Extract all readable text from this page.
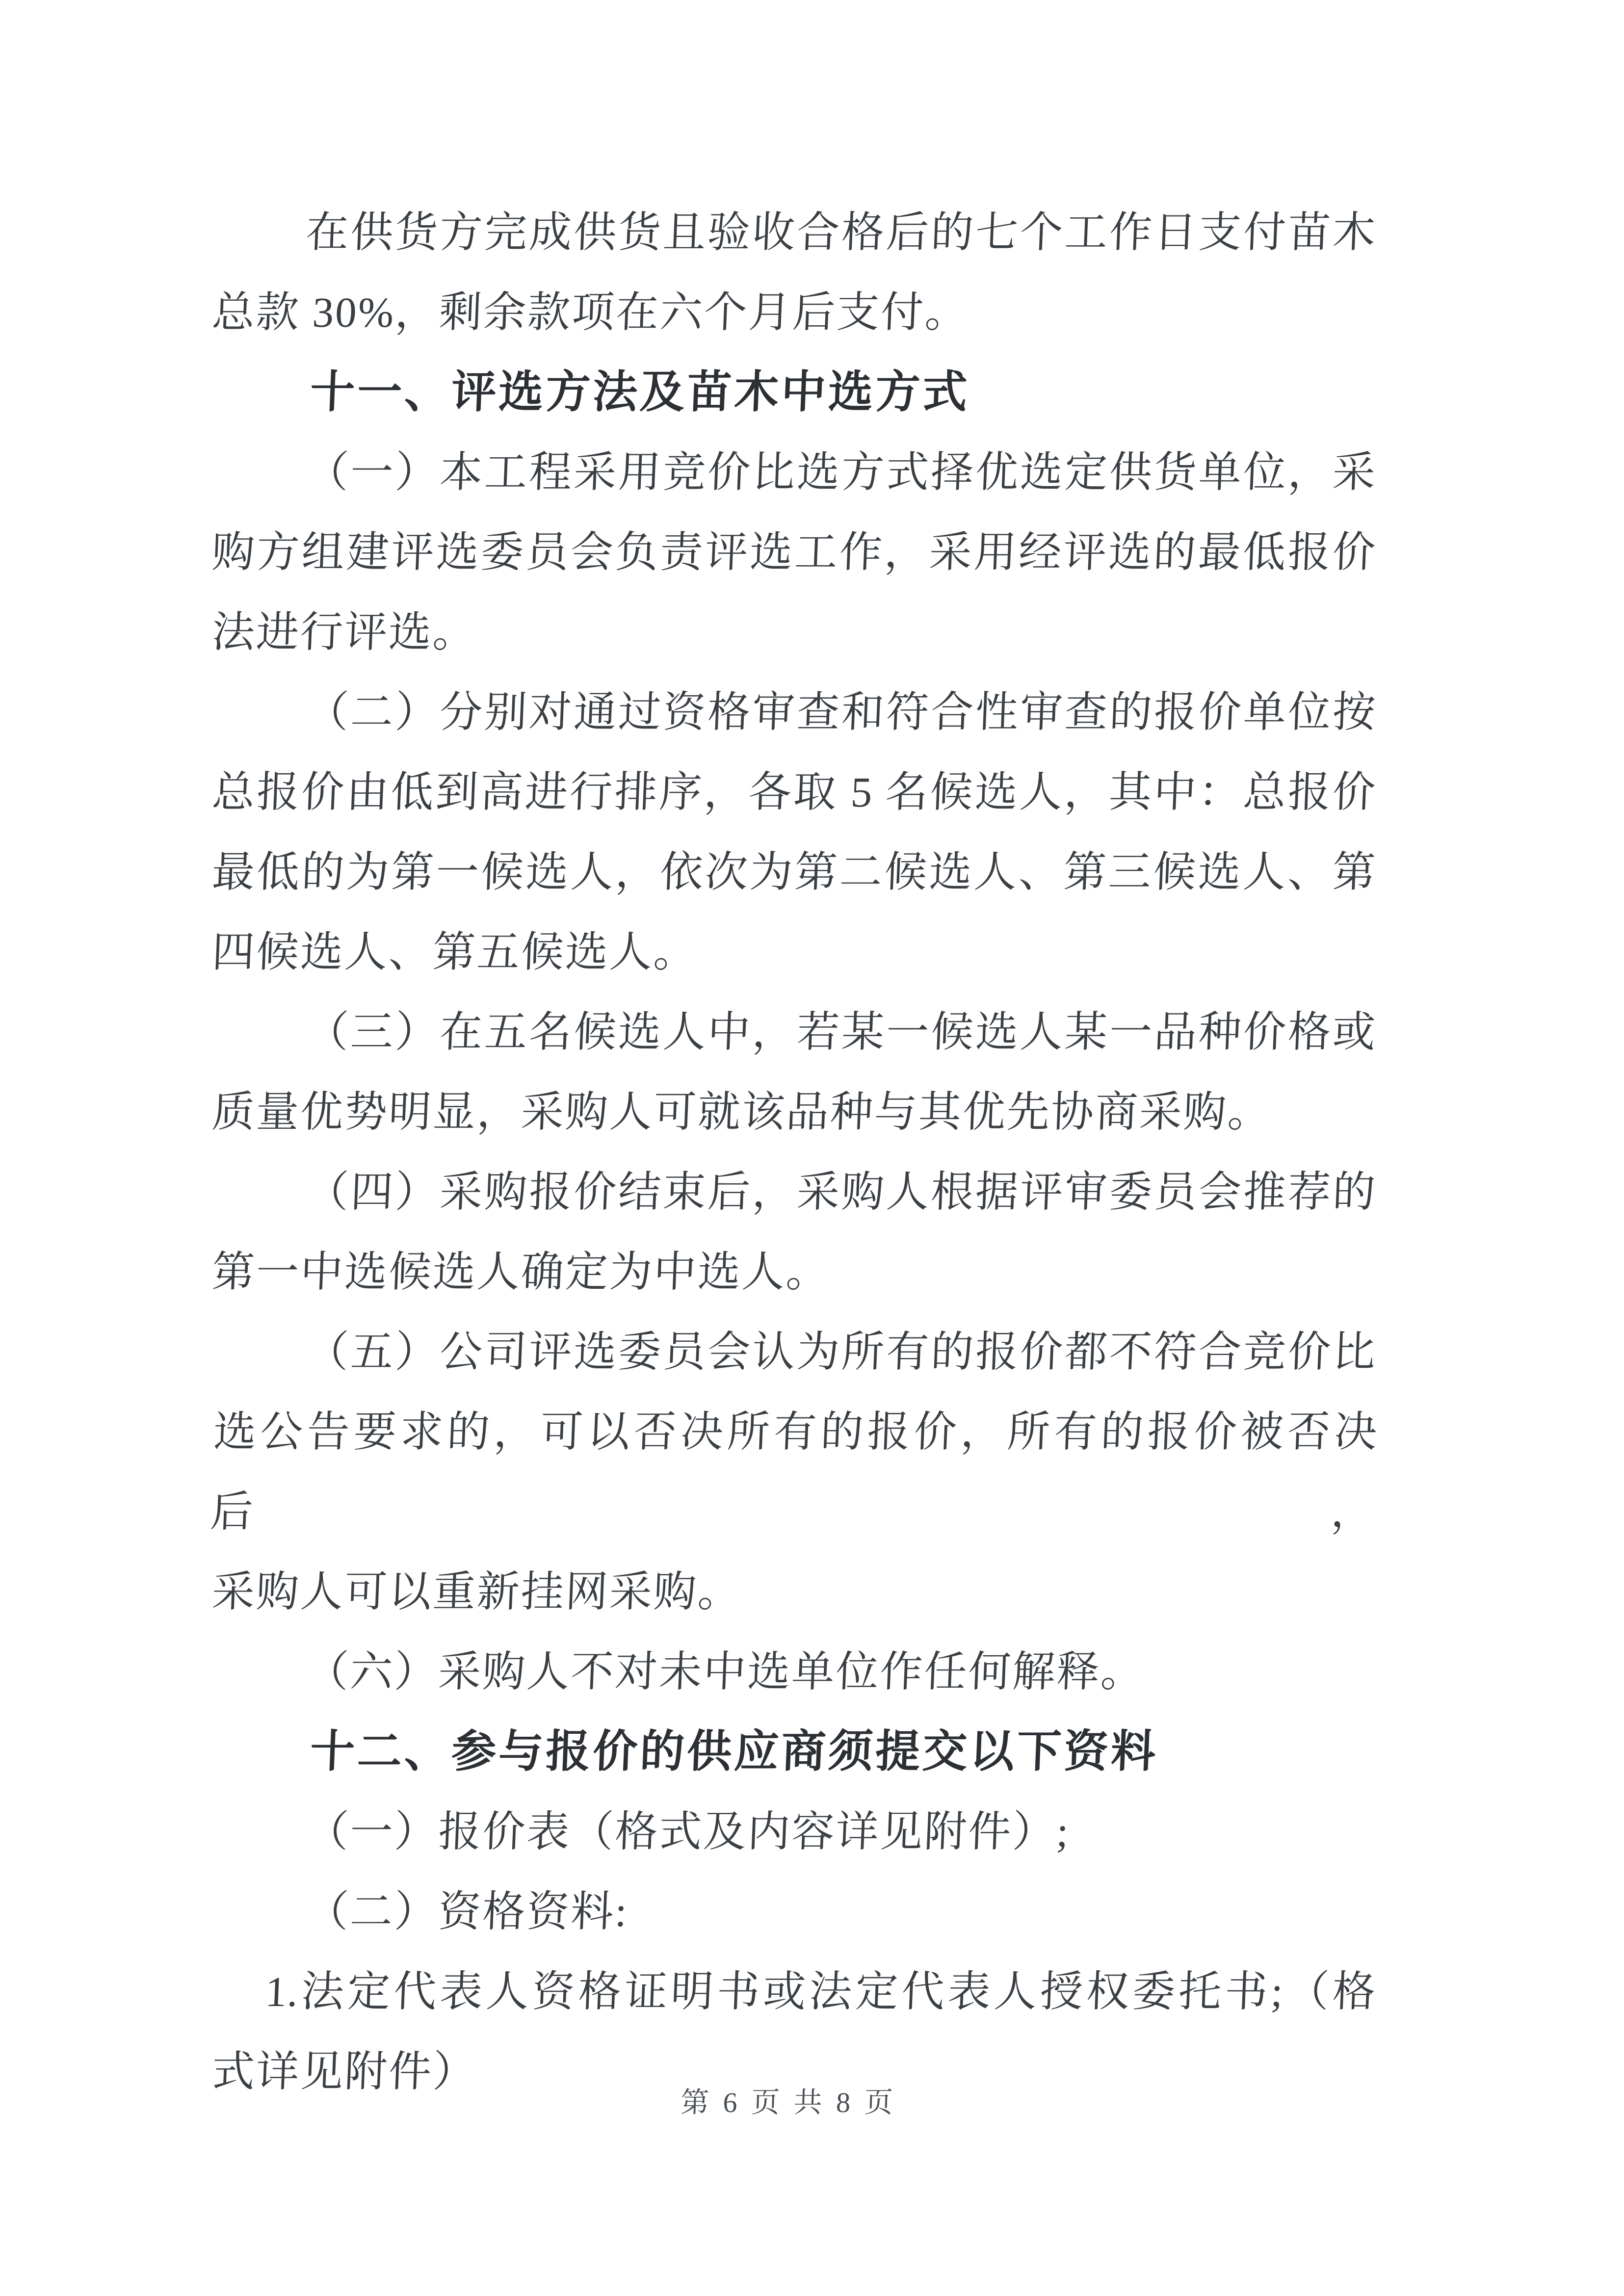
在供货方完成供货且验收合格后的七个工作日支付苗木

总款 30%，剩余款项在六个月后支付。

十一、评选方法及苗木中选方式

（一）本工程采用竞价比选方式择优选定供货单位，采

购方组建评选委员会负责评选工作，采用经评选的最低报价

法进行评选。

（二）分别对通过资格审查和符合性审查的报价单位按

总报价由低到高进行排序，各取 5 名候选人，其中：总报价

最低的为第一候选人，依次为第二候选人、第三候选人、第

四候选人、第五候选人。

（三）在五名候选人中，若某一候选人某一品种价格或

质量优势明显，采购人可就该品种与其优先协商采购。

（四）采购报价结束后，采购人根据评审委员会推荐的

第一中选候选人确定为中选人。

（五）公司评选委员会认为所有的报价都不符合竞价比

选公告要求的，可以否决所有的报价，所有的报价被否决后，

采购人可以重新挂网采购。

（六）采购人不对未中选单位作任何解释。

十二、参与报价的供应商须提交以下资料

（一）报价表（格式及内容详见附件）;

（二）资格资料:

1.法定代表人资格证明书或法定代表人授权委托书;（格

式详见附件）

第 6 页 共 8 页
